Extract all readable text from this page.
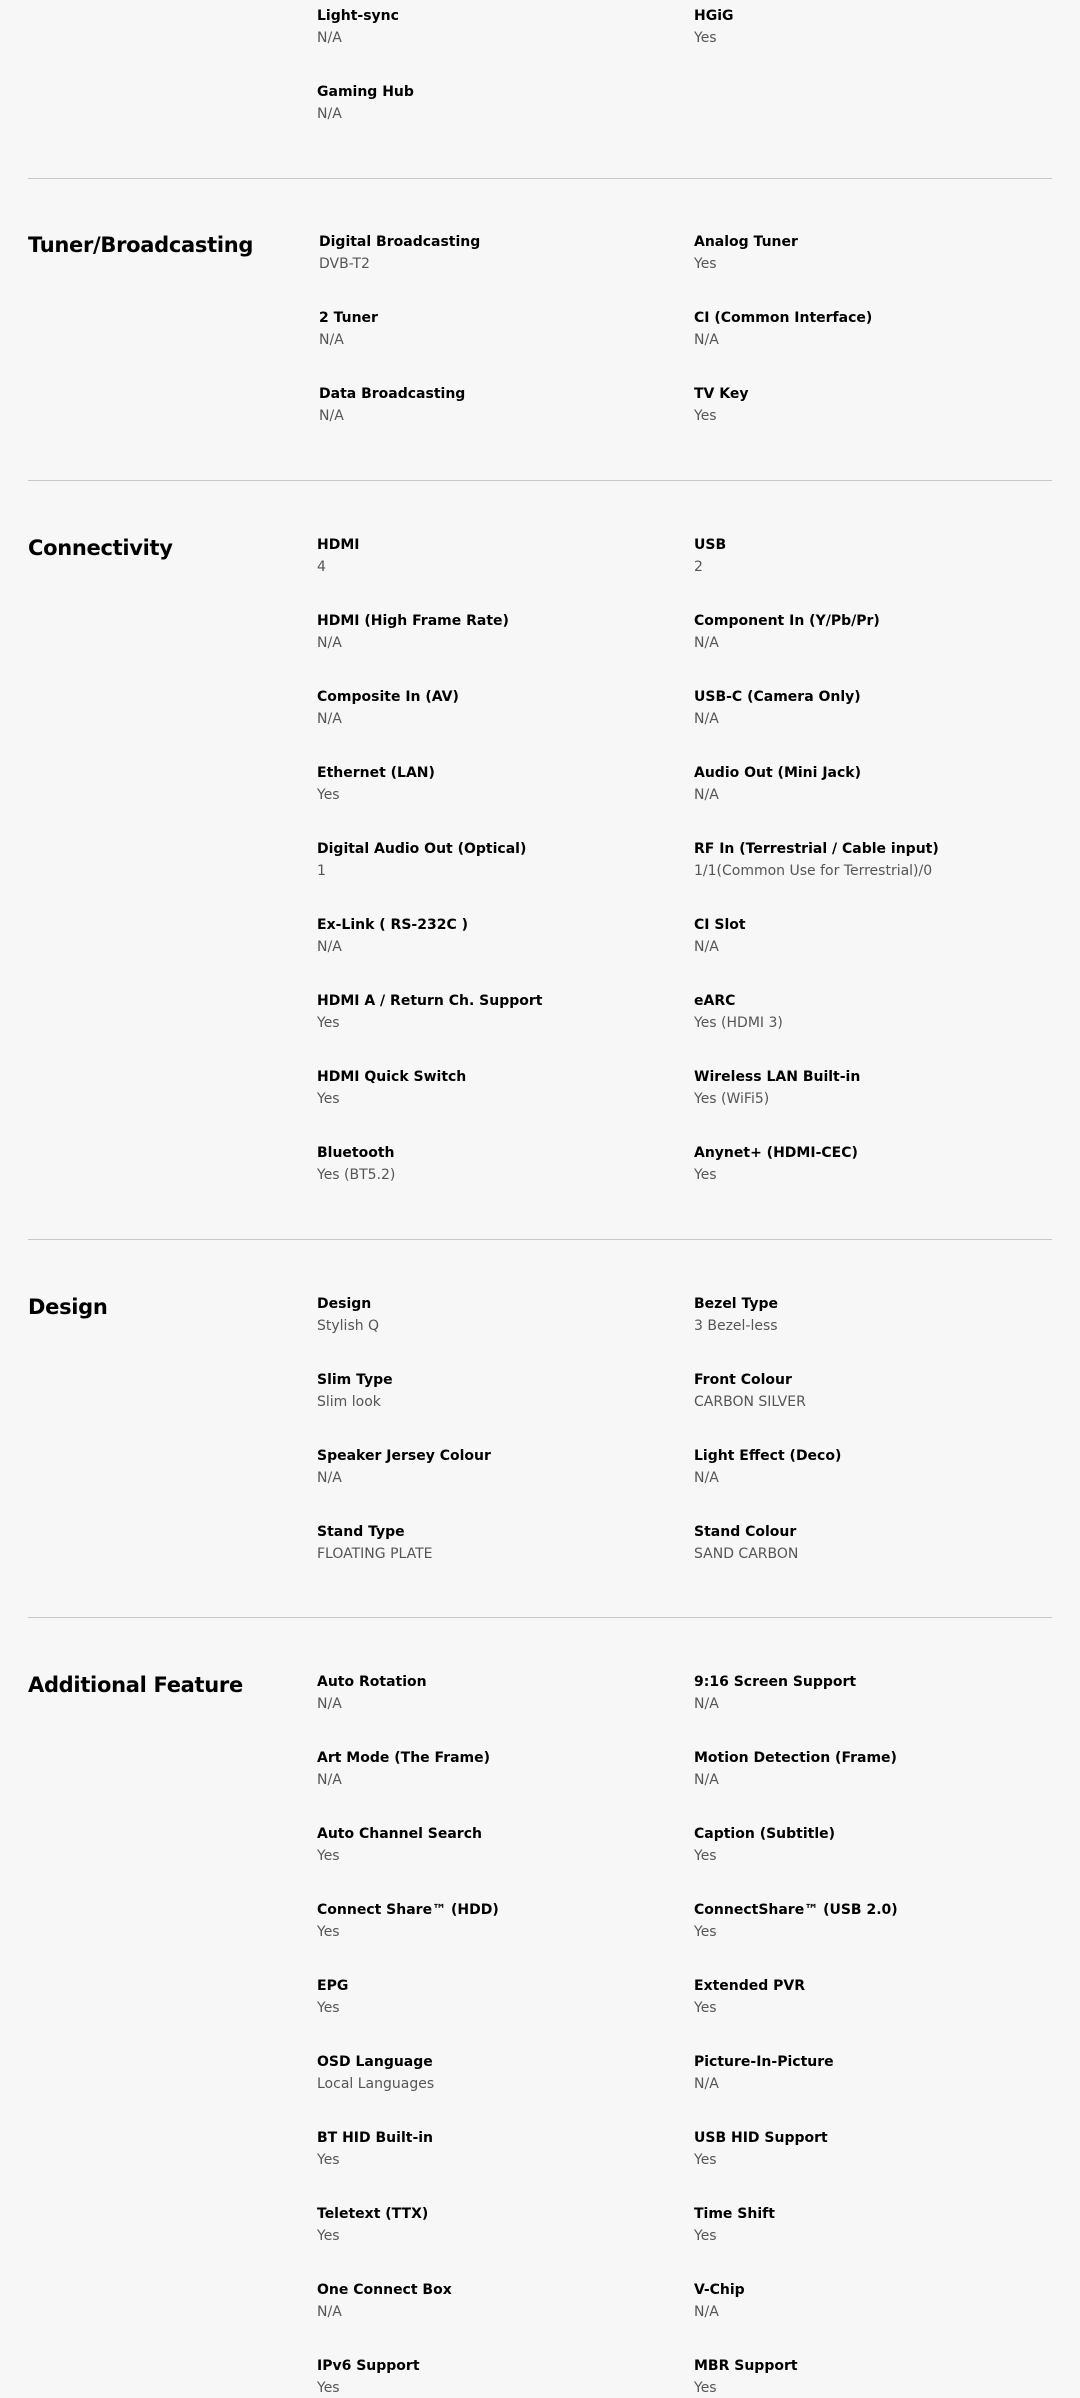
Light-sync
N/A
HGiG
Yes
Gaming Hub
N/A
Tuner/Broadcasting	Digital Broadcasting
DVB-T2
Analog Tuner
Yes
2 Tuner
N/A
CI (Common Interface)
N/A
Data Broadcasting
N/A
TV Key
Yes
Connectivity	HDMI
4
USB
2
HDMI (High Frame Rate)
N/A
Component In (Y/Pb/Pr)
N/A
Composite In (AV)
N/A
USB-C (Camera Only)
N/A
Ethernet (LAN)
Yes
Audio Out (Mini Jack)
N/A
Digital Audio Out (Optical)
1
RF In (Terrestrial / Cable input)
1/1(Common Use for Terrestrial)/0
Ex-Link ( RS-232C )
N/A
CI Slot
N/A
HDMI A / Return Ch. Support
Yes
eARC
Yes (HDMI 3)
HDMI Quick Switch
Yes
Wireless LAN Built-in
Yes (WiFi5)
Bluetooth
Yes (BT5.2)
Anynet+ (HDMI-CEC)
Yes
Design	Design
Stylish Q
Bezel Type
3 Bezel-less
Slim Type
Slim look
Front Colour
CARBON SILVER
Speaker Jersey Colour
N/A
Light Effect (Deco)
N/A
Stand Type
FLOATING PLATE
Stand Colour
SAND CARBON
Additional Feature	Auto Rotation
N/A
9:16 Screen Support
N/A
Art Mode (The Frame)
N/A
Motion Detection (Frame)
N/A
Auto Channel Search
Yes
Caption (Subtitle)
Yes
Connect Share™ (HDD)
Yes
ConnectShare™ (USB 2.0)
Yes
EPG
Yes
Extended PVR
Yes
OSD Language
Local Languages
Picture-In-Picture
N/A
BT HID Built-in
Yes
USB HID Support
Yes
Teletext (TTX)
Yes
Time Shift
Yes
One Connect Box
N/A
V-Chip
N/A
IPv6 Support
Yes
MBR Support
Yes
